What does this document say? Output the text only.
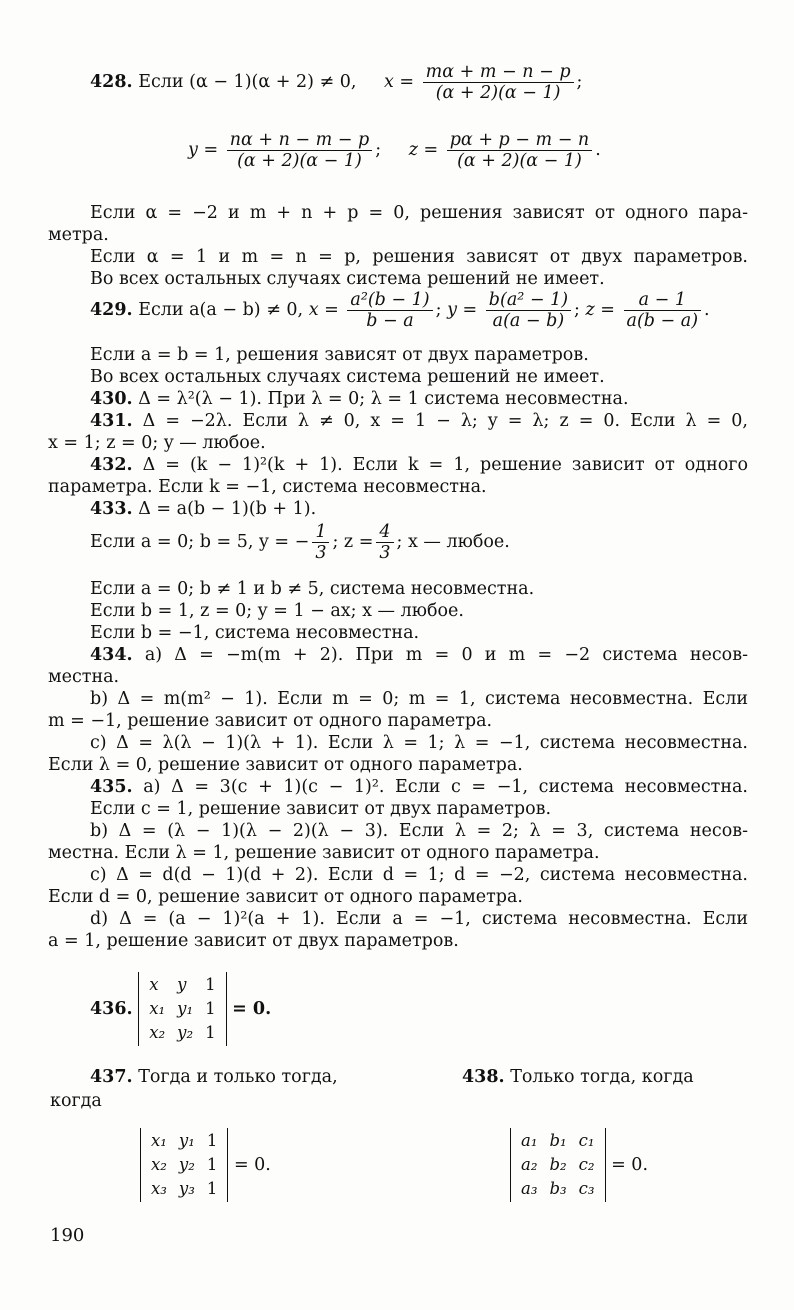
428. Если (α − 1)(α + 2) ≠ 0, $x = \frac{m\alpha + m - n - p}{(\alpha + 2)(\alpha - 1)}$ ;
$y = \frac{n\alpha + n - m - p}{(\alpha + 2)(\alpha - 1)}$ ; $z = \frac{p\alpha + p - m - n}{(\alpha + 2)(\alpha - 1)}$ .
Если α = −2 и m + n + p = 0, решения зависят от одного пара-
метра.
Если α = 1 и m = n = p, решения зависят от двух параметров.
Во всех остальных случаях система решений не имеет.
429. Если a(a − b) ≠ 0, $x = \frac{\text{a²(b − 1)}}{b - a}$ ; $y = \frac{\text{b(a² − 1)}}{a(a - b)}$ ; $z = \frac{a - 1}{a(b - a)}$ .
Если a = b = 1, решения зависят от двух параметров.
Во всех остальных случаях система решений не имеет.
430. Δ = λ²(λ − 1). При λ = 0; λ = 1 система несовместна.
431. Δ = −2λ. Если λ ≠ 0, x = 1 − λ; y = λ; z = 0. Если λ = 0,
x = 1; z = 0; y — любое.
432. Δ = (k − 1)²(k + 1). Если k = 1, решение зависит от одного
параметра. Если k = −1, система несовместна.
433. Δ = a(b − 1)(b + 1).
Если a = 0; b = 5, y = − $\frac{1}{3}$ ; $z = \frac{4}{3}$ ; x — любое.
Если a = 0; b ≠ 1 и b ≠ 5, система несовместна.
Если b = 1, z = 0; y = 1 − ax; x — любое.
Если b = −1, система несовместна.
434. a) Δ = −m(m + 2). При m = 0 и m = −2 система несов-
местна.
b) Δ = m(m² − 1). Если m = 0; m = 1, система несовместна. Если
m = −1, решение зависит от одного параметра.
c) Δ = λ(λ − 1)(λ + 1). Если λ = 1; λ = −1, система несовместна.
Если λ = 0, решение зависит от одного параметра.
435. a) Δ = 3(c + 1)(c − 1)². Если c = −1, система несовместна.
Если c = 1, решение зависит от двух параметров.
b) Δ = (λ − 1)(λ − 2)(λ − 3). Если λ = 2; λ = 3, система несов-
местна. Если λ = 1, решение зависит от одного параметра.
c) Δ = d(d − 1)(d + 2). Если d = 1; d = −2, система несовместна.
Если d = 0, решение зависит от одного параметра.
d) Δ = (a − 1)²(a + 1). Если a = −1, система несовместна. Если
a = 1, решение зависит от двух параметров.
436.
x	y	1
x₁	y₁	1
x₂	y₂	1
= 0.
437. Тогда и только тогда,
когда
x₁	y₁	1
x₂	y₂	1
x₃	y₃	1
= 0.
438. Только тогда, когда
a₁	b₁	c₁
a₂	b₂	c₂
a₃	b₃	c₃
= 0.
190
